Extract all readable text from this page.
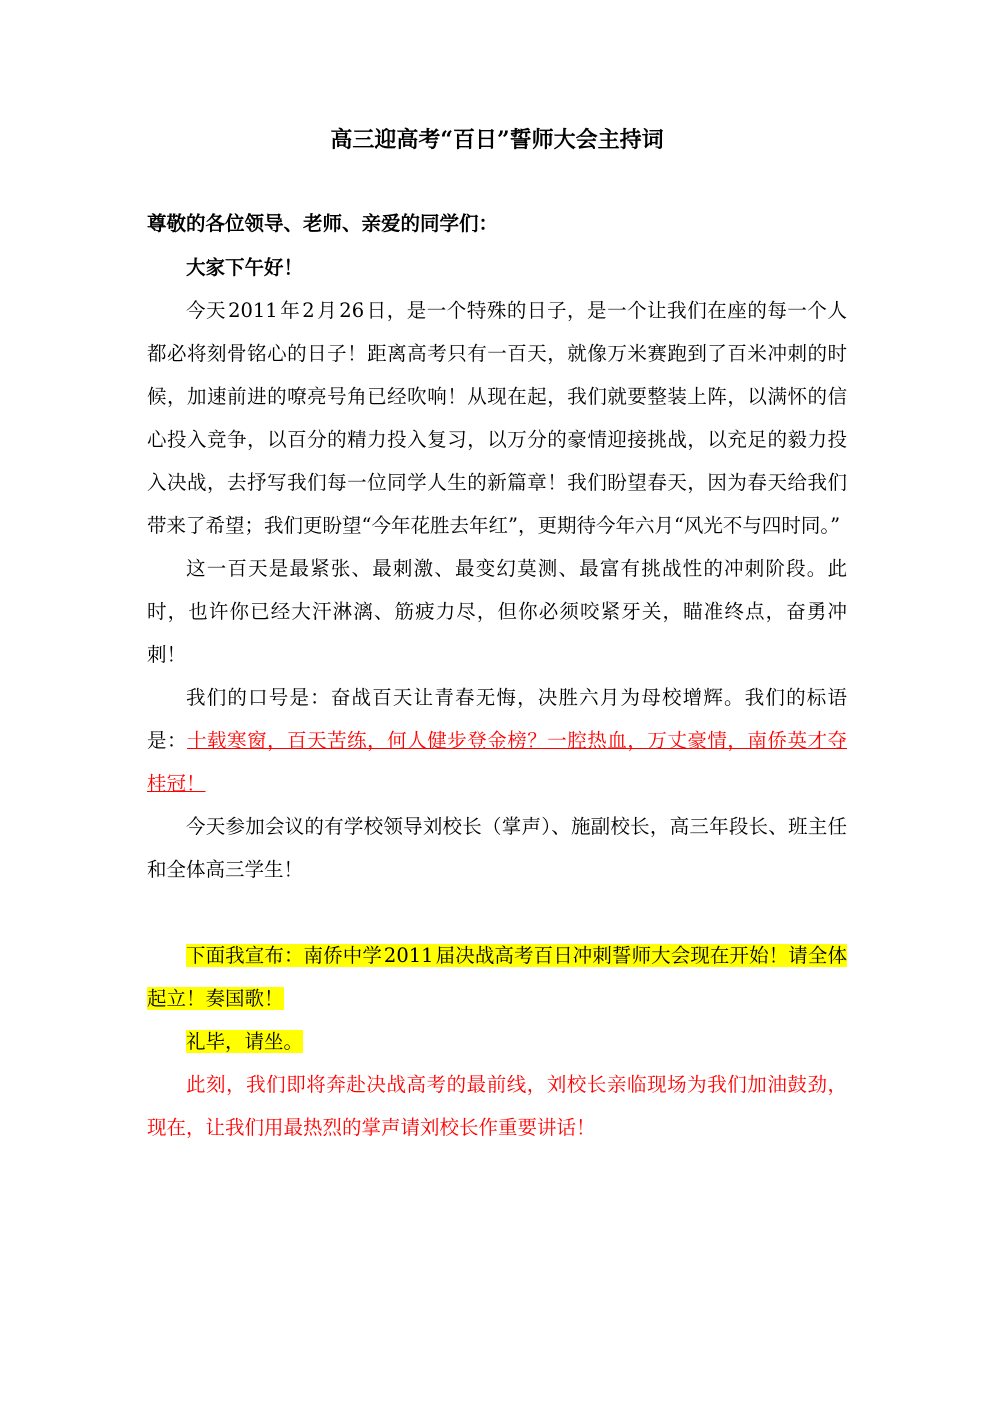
高三迎高考“百日”誓师大会主持词

尊敬的各位领导、老师、亲爱的同学们：

大家下午好！

今天 2011 年 2 月 26 日，是一个特殊的日子，是一个让我们在座的每一个人都必将刻骨铭心的日子！距离高考只有一百天，就像万米赛跑到了百米冲刺的时候，加速前进的嘹亮号角已经吹响！从现在起，我们就要整装上阵，以满怀的信心投入竞争，以百分的精力投入复习，以万分的豪情迎接挑战，以充足的毅力投入决战，去抒写我们每一位同学人生的新篇章！我们盼望春天，因为春天给我们带来了希望；我们更盼望“今年花胜去年红”，更期待今年六月“风光不与四时同。”

这一百天是最紧张、最刺激、最变幻莫测、最富有挑战性的冲刺阶段。此时，也许你已经大汗淋漓、筋疲力尽，但你必须咬紧牙关，瞄准终点，奋勇冲刺！

我们的口号是：奋战百天让青春无悔，决胜六月为母校增辉。我们的标语是：十载寒窗，百天苦练，何人健步登金榜？一腔热血，万丈豪情，南侨英才夺桂冠！

今天参加会议的有学校领导刘校长（掌声）、施副校长，高三年段长、班主任和全体高三学生！

下面我宣布：南侨中学 2011 届决战高考百日冲刺誓师大会现在开始！请全体起立！奏国歌！

礼毕，请坐。

此刻，我们即将奔赴决战高考的最前线，刘校长亲临现场为我们加油鼓劲，现在，让我们用最热烈的掌声请刘校长作重要讲话！
